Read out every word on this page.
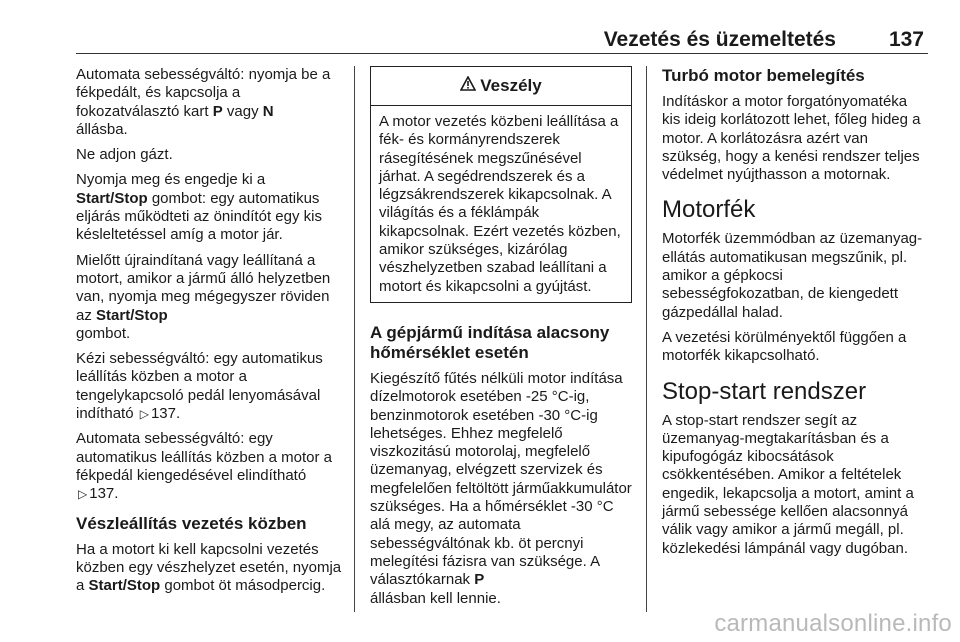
Vezetés és üzemeltetés	137

Automata sebességváltó: nyomja be a fékpedált, és kapcsolja a fokozatválasztó kart P vagy N
állásba.

Ne adjon gázt.

Nyomja meg és engedje ki a
Start/Stop gombot: egy automatikus eljárás működteti az önindítót egy kis késleltetéssel amíg a motor jár.

Mielőtt újraindítaná vagy leállítaná a motort, amikor a jármű álló helyzetben van, nyomja meg mégegyszer röviden az Start/Stop
gombot.

Kézi sebességváltó: egy automatikus leállítás közben a motor a tengelykapcsoló pedál lenyomásával indítható ▷ 137.

Automata sebességváltó: egy automatikus leállítás közben a motor a fékpedál kiengedésével elindítható
▷ 137.

Vészleállítás vezetés közben

Ha a motort ki kell kapcsolni vezetés közben egy vészhelyzet esetén, nyomja a Start/Stop gombot öt másodpercig.

Veszély
A motor vezetés közbeni leállítása a fék- és kormányrendszerek rásegítésének megszűnésével járhat. A segédrendszerek és a légzsákrendszerek kikapcsolnak. A világítás és a féklámpák kikapcsolnak. Ezért vezetés közben, amikor szükséges, kizárólag vészhelyzetben szabad leállítani a motort és kikapcsolni a gyújtást.
A gépjármű indítása alacsony hőmérséklet esetén

Kiegészítő fűtés nélküli motor indítása dízelmotorok esetében -25 °C-ig, benzinmotorok esetében -30 °C-ig lehetséges. Ehhez megfelelő viszkozitású motorolaj, megfelelő üzemanyag, elvégzett szervizek és megfelelően feltöltött járműakkumulátor szükséges. Ha a hőmérséklet -30 °C alá megy, az automata sebességváltónak kb. öt percnyi melegítési fázisra van szüksége. A választókarnak P
állásban kell lennie.

Turbó motor bemelegítés

Indításkor a motor forgatónyomatéka kis ideig korlátozott lehet, főleg hideg a motor. A korlátozásra azért van szükség, hogy a kenési rendszer teljes védelmet nyújthasson a motornak.

Motorfék

Motorfék üzemmódban az üzemanyag-ellátás automatikusan megszűnik, pl. amikor a gépkocsi sebességfokozatban, de kiengedett gázpedállal halad.

A vezetési körülményektől függően a motorfék kikapcsolható.

Stop-start rendszer

A stop-start rendszer segít az üzemanyag-megtakarításban és a kipufogógáz kibocsátások csökkentésében. Amikor a feltételek engedik, lekapcsolja a motort, amint a jármű sebessége kellően alacsonnyá válik vagy amikor a jármű megáll, pl. közlekedési lámpánál vagy dugóban.

carmanualsonline.info
